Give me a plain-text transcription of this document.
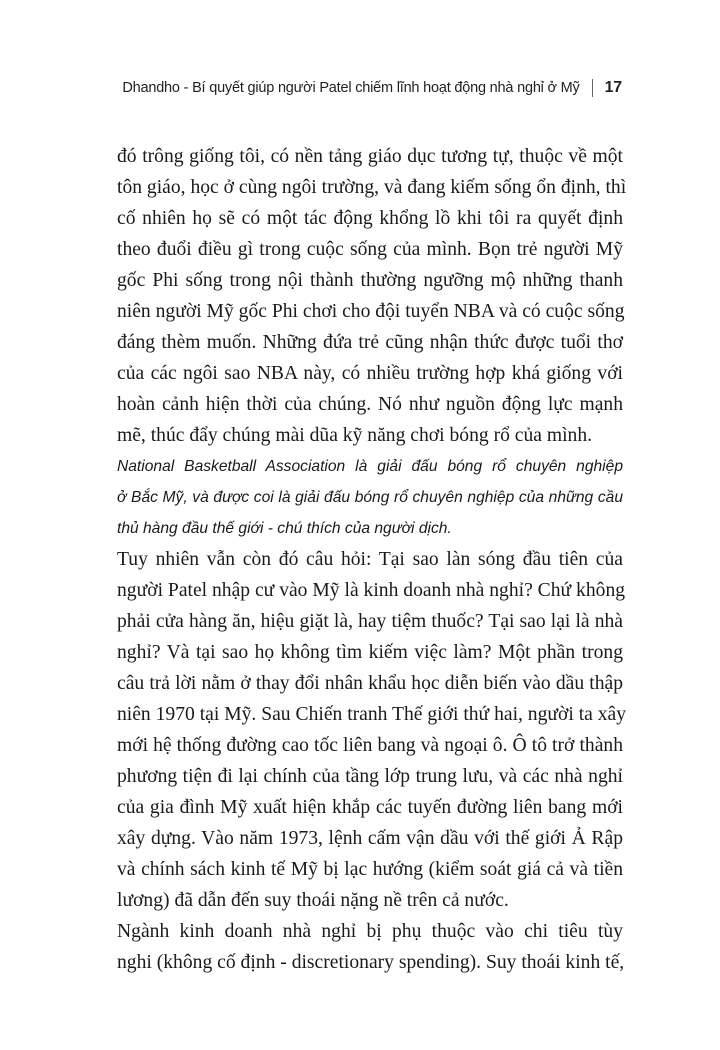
Dhandho - Bí quyết giúp người Patel chiếm lĩnh hoạt động nhà nghỉ ở Mỹ 17
đó trông giống tôi, có nền tảng giáo dục tương tự, thuộc về một
tôn giáo, học ở cùng ngôi trường, và đang kiếm sống ổn định, thì
cố nhiên họ sẽ có một tác động khổng lồ khi tôi ra quyết định
theo đuổi điều gì trong cuộc sống của mình. Bọn trẻ người Mỹ
gốc Phi sống trong nội thành thường ngưỡng mộ những thanh
niên người Mỹ gốc Phi chơi cho đội tuyển NBA và có cuộc sống
đáng thèm muốn. Những đứa trẻ cũng nhận thức được tuổi thơ
của các ngôi sao NBA này, có nhiều trường hợp khá giống với
hoàn cảnh hiện thời của chúng. Nó như nguồn động lực mạnh
mẽ, thúc đẩy chúng mài dũa kỹ năng chơi bóng rổ của mình.
National Basketball Association là giải đấu bóng rổ chuyên nghiệp
ở Bắc Mỹ, và được coi là giải đấu bóng rổ chuyên nghiệp của những cầu
thủ hàng đầu thế giới - chú thích của người dịch.
Tuy nhiên vẫn còn đó câu hỏi: Tại sao làn sóng đầu tiên của
người Patel nhập cư vào Mỹ là kinh doanh nhà nghỉ? Chứ không
phải cửa hàng ăn, hiệu giặt là, hay tiệm thuốc? Tại sao lại là nhà
nghỉ? Và tại sao họ không tìm kiếm việc làm? Một phần trong
câu trả lời nằm ở thay đổi nhân khẩu học diễn biến vào dầu thập
niên 1970 tại Mỹ. Sau Chiến tranh Thế giới thứ hai, người ta xây
mới hệ thống đường cao tốc liên bang và ngoại ô. Ô tô trở thành
phương tiện đi lại chính của tầng lớp trung lưu, và các nhà nghỉ
của gia đình Mỹ xuất hiện khắp các tuyến đường liên bang mới
xây dựng. Vào năm 1973, lệnh cấm vận dầu với thế giới Ả Rập
và chính sách kinh tế Mỹ bị lạc hướng (kiểm soát giá cả và tiền
lương) đã dẫn đến suy thoái nặng nề trên cả nước.
Ngành kinh doanh nhà nghỉ bị phụ thuộc vào chi tiêu tùy
nghi (không cố định - discretionary spending). Suy thoái kinh tế,
